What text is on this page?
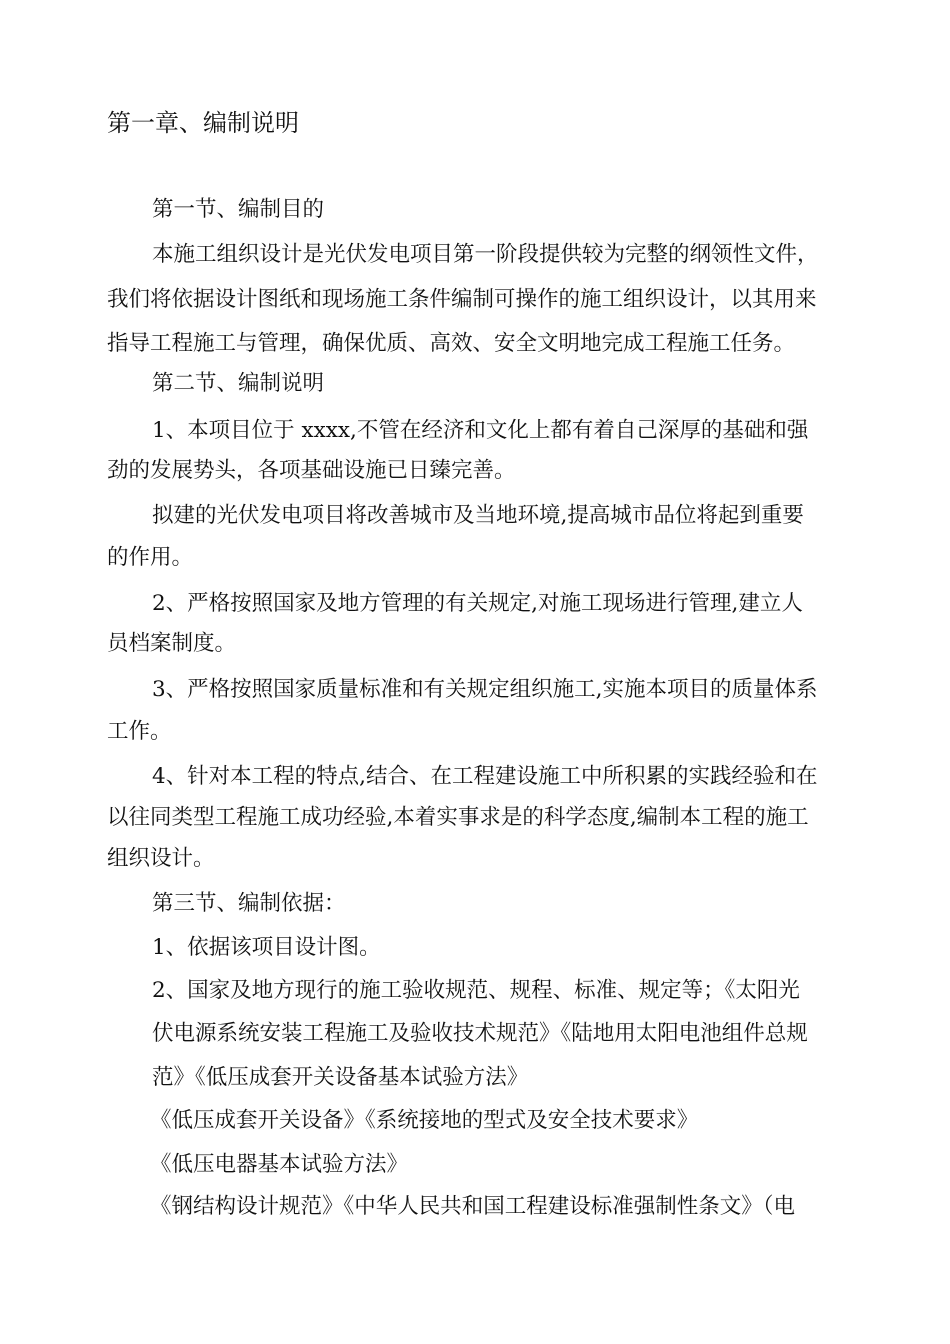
第一章、编制说明
第一节、编制目的
本施工组织设计是光伏发电项目第一阶段提供较为完整的纲领性文件，
我们将依据设计图纸和现场施工条件编制可操作的施工组织设计，以其用来
指导工程施工与管理，确保优质、高效、安全文明地完成工程施工任务。
第二节、编制说明
1、本项目位于 xxxx,不管在经济和文化上都有着自己深厚的基础和强
劲的发展势头，各项基础设施已日臻完善。
拟建的光伏发电项目将改善城市及当地环境,提高城市品位将起到重要
的作用。
2、严格按照国家及地方管理的有关规定,对施工现场进行管理,建立人
员档案制度。
3、严格按照国家质量标准和有关规定组织施工,实施本项目的质量体系
工作。
4、针对本工程的特点,结合、在工程建设施工中所积累的实践经验和在
以往同类型工程施工成功经验,本着实事求是的科学态度,编制本工程的施工
组织设计。
第三节、编制依据：
1、依据该项目设计图。
2、国家及地方现行的施工验收规范、规程、标准、规定等；《太阳光
伏电源系统安装工程施工及验收技术规范》《陆地用太阳电池组件总规
范》《低压成套开关设备基本试验方法》
《低压成套开关设备》《系统接地的型式及安全技术要求》
《低压电器基本试验方法》
《钢结构设计规范》《中华人民共和国工程建设标准强制性条文》（电
